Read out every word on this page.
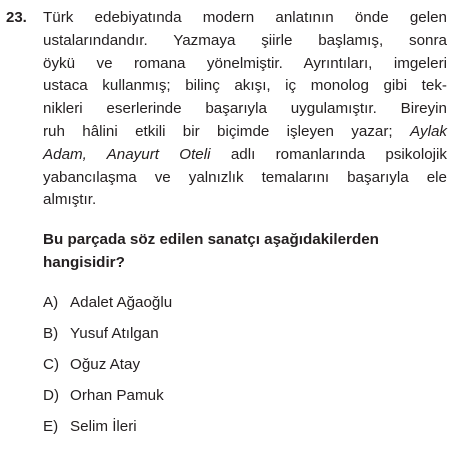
23. Türk edebiyatında modern anlatının önde gelen
ustalarındandır. Yazmaya şiirle başlamış, sonra
öykü ve romana yönelmiştir. Ayrıntıları, imgeleri
ustaca kullanmış; bilinç akışı, iç monolog gibi tek-
nikleri eserlerinde başarıyla uygulamıştır. Bireyin
ruh hâlini etkili bir biçimde işleyen yazar; Aylak
Adam, Anayurt Oteli adlı romanlarında psikolojik
yabancılaşma ve yalnızlık temalarını başarıyla ele
almıştır.
Bu parçada söz edilen sanatçı aşağıdakilerden
hangisidir?
A) Adalet Ağaoğlu
B) Yusuf Atılgan
C) Oğuz Atay
D) Orhan Pamuk
E) Selim İleri
